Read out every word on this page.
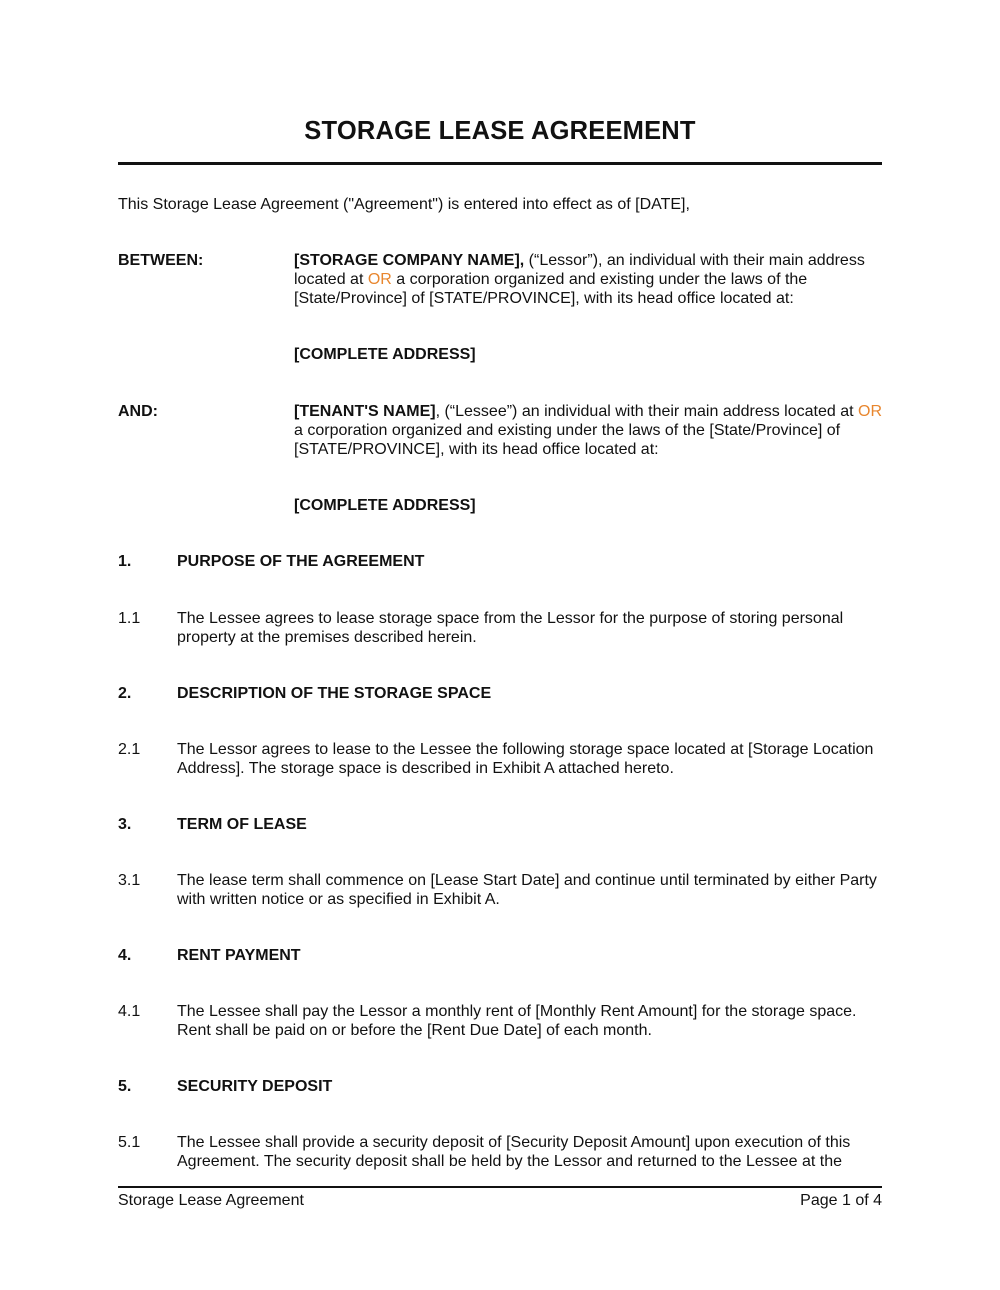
STORAGE LEASE AGREEMENT
This Storage Lease Agreement ("Agreement") is entered into effect as of [DATE],
BETWEEN:	[STORAGE COMPANY NAME], (“Lessor”), an individual with their main address located at OR a corporation organized and existing under the laws of the [State/Province] of [STATE/PROVINCE], with its head office located at:
[COMPLETE ADDRESS]
AND:	[TENANT'S NAME], (“Lessee”) an individual with their main address located at OR a corporation organized and existing under the laws of the [State/Province] of [STATE/PROVINCE], with its head office located at:
[COMPLETE ADDRESS]
1.	PURPOSE OF THE AGREEMENT
1.1	The Lessee agrees to lease storage space from the Lessor for the purpose of storing personal property at the premises described herein.
2.	DESCRIPTION OF THE STORAGE SPACE
2.1	The Lessor agrees to lease to the Lessee the following storage space located at [Storage Location Address]. The storage space is described in Exhibit A attached hereto.
3.	TERM OF LEASE
3.1	The lease term shall commence on [Lease Start Date] and continue until terminated by either Party with written notice or as specified in Exhibit A.
4.	RENT PAYMENT
4.1	The Lessee shall pay the Lessor a monthly rent of [Monthly Rent Amount] for the storage space. Rent shall be paid on or before the [Rent Due Date] of each month.
5.	SECURITY DEPOSIT
5.1	The Lessee shall provide a security deposit of [Security Deposit Amount] upon execution of this Agreement. The security deposit shall be held by the Lessor and returned to the Lessee at the
Storage Lease Agreement	Page 1 of 4
